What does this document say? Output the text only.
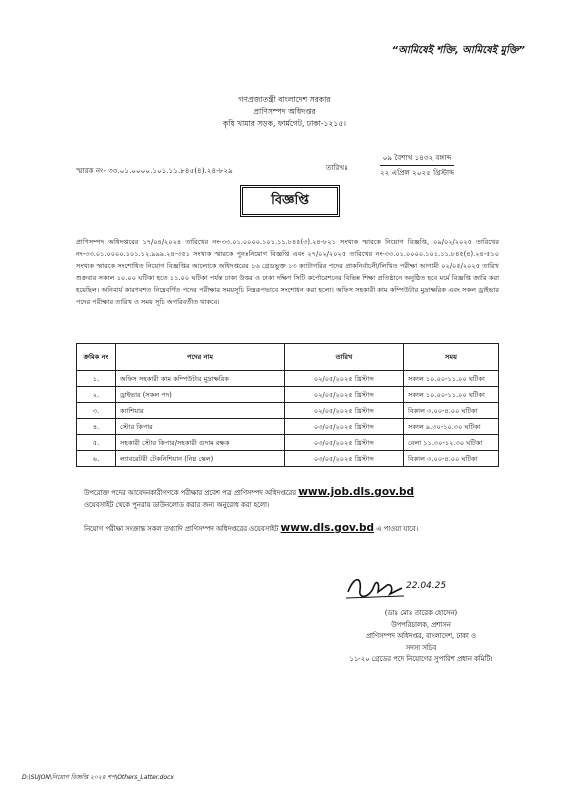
“আমিষেই শক্তি, আমিষেই মুক্তি”
গণপ্রজাতন্ত্রী বাংলাদেশ সরকার
প্রাণিসম্পদ অধিদপ্তর
কৃষি খামার সড়ক, ফার্মগেট, ঢাকা-১২১৫।
স্মারক নং- ৩৩.০১.০০০০.১০১.১১.৮৪৫(৪).২৪-৮২৯	তারিখঃ
০৯ বৈশাখ ১৪৩২ বঙ্গাব্দ
২২ এপ্রিল ২০২৫ খ্রিস্টাব্দ
বিজ্ঞপ্তি
প্রাণিসম্পদ অধিদপ্তরের ১৭/০৪/২০২৪ তারিখের নং-৩৩.০১.০০০০.১০১.১১.৮৪৫(৩).২৪-৮২১ সংখ্যক স্মারকে নিয়োগ বিজ্ঞপ্তি, ০৯/০২/২০২৫ তারিখের নং-৩৩.০১.০০০০.১০১.১২.৯৯৯.২৪-৩৫১ সংখ্যক স্মারকে পুনঃনিয়োগ বিজ্ঞপ্তি এবং ২৭/০২/২০২৫ তারিখের নং-৩৩.০১.০০০০.১০১.১১.৮৪৫(৪).২৪-৫১০ সংখ্যক স্মারকে সংশোধিত নিয়োগ বিজ্ঞপ্তির আলোকে অধিদপ্তরের ১৬ গ্রেডভুক্ত ১৩ ক্যাটাগরির পদের প্রাকনির্বাচনী/লিখিত পরীক্ষা আগামী ০২/০৫/২০২৫ তারিখ শুক্রবার সকাল ১০.০০ ঘটিকা হতে ১১.০০ ঘটিকা পর্যন্ত ঢাকা উত্তর ও ঢাকা দক্ষিণ সিটি কর্পোরেশনের বিভিন্ন শিক্ষা প্রতিষ্ঠানে অনুষ্ঠিত হবে মর্মে বিজ্ঞপ্তি জারি করা হয়েছিল। অনিবার্য কারণবশত নিম্নেবর্ণিত পদের পরীক্ষার সময়সূচি নিম্নরূপভাবে সংশোধন করা হলো। অফিস সহকারী কাম কম্পিউটার মুদ্রাক্ষরিক এবং সকল ড্রাইভার পদের পরীক্ষার তারিখ ও সময় সূচি অপরিবর্তীত থাকবে।
ক্রমিক নং	পদের নাম	তারিখ	সময়
১.	অফিস সহকারী কাম কম্পিউটার মুদ্রাক্ষরিক	০২/০৫/২০২৫ খ্রিস্টাব্দ	সকাল ১০.০০-১১.০০ ঘটিকা
২.	ড্রাইভার (সকল পদ)	০২/০৫/২০২৫ খ্রিস্টাব্দ	সকাল ১০.০০-১১.০০ ঘটিকা
৩.	ক্যাশিয়ার	০২/০৫/২০২৫ খ্রিস্টাব্দ	বিকাল ৩.০০-৪.০০ ঘটিকা
৪.	স্টোর কিপার	০৩/০৫/২০২৫ খ্রিস্টাব্দ	সকাল ৯.৩০-১০.৩০ ঘটিকা
৫.	সহকারী স্টোর কিপার/সহকারী গুদাম রক্ষক	০৩/০৫/২০২৫ খ্রিস্টাব্দ	বেলা ১১.৩০-১২.৩০ ঘটিকা
৬.	ল্যাবরেটরী টেকনিশিয়ান (নিম্ন স্কেল)	০৩/০৫/২০২৫ খ্রিস্টাব্দ	বিকাল ৩.০০-৪.০০ ঘটিকা
উপরোক্ত পদের আবেদনকারীগণকে পরীক্ষার প্রবেশ পত্র প্রাণিসম্পদ অধিদপ্তরের www.job.dls.gov.bd
ওয়েবসাইট থেকে পুনরায় ডাউনলোড করার জন্য অনুরোধ করা হলো।
নিয়োগ পরীক্ষা সংক্রান্ত সকল তথ্যাদি প্রাণিসম্পদ অধিদপ্তরের ওয়েবসাইট www.dls.gov.bd এ পাওয়া যাবে।
22.04.25
(ডাঃ মোঃ তারেক হোসেন)
উপপরিচালক, প্রশাসন
প্রাণিসম্পদ অধিদপ্তর, বাংলাদেশ, ঢাকা ও
সদস্য সচিব
১১-২০ গ্রেডের পদে নিয়োগের সুপারিশ প্রধান কমিটি।
D:\SUJON\নিয়োগ বিজ্ঞপ্তি ২০২৪ শপ\Others_Latter.docx
